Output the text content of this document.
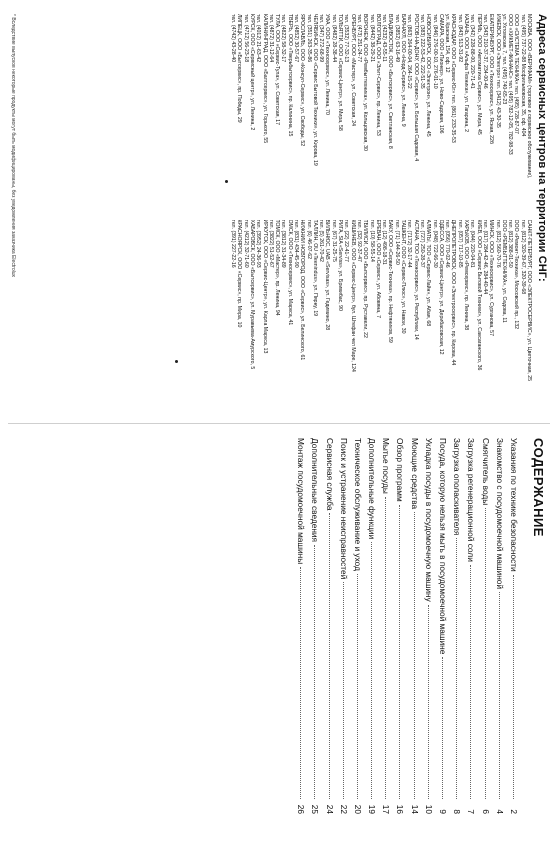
Адреса сервисных центров на территории СНГ:
МОСКВА, ООО «ВЕРИФАМ» (торговое и сервисное обслуживание),
тел. (495) 737-22-88 Мосфильмовская, 35, оф. 404
ООО «СИСТЕМА ТЕХНИКА» тел. (495) 728-87-07
ООО «ХИКМЕТ-ФИНАНС» тел. (495) 782-12-05, 782-98-33
ул. Ухтомская, 7, тел. (495) 740-65-23
ИЖЕВСК, ООО «Электро» тел. (3412) 43-30-35
ЕКАТЕРИНБУРГ, ООО «Техносервис», ул. Ясная, 22б
тел. (343) 210-37-37, 234-00-46
ПЕРМЬ, ООО «Автоматика Сервис», ул. Мира, 45
тел. (342) 228-88-00, 220-71-41
КАЗАНЬ, ООО «Альфа Техника», ул. Гагарина, 2
тел. (843) 513-31-92
КРАСНОДАР, ООО «Сервис-Юг» тел. (861) 233-35-53
ул. Красная, 154, оф. 12
САМАРА, ООО «Пионер», ул. Ново-Садовая, 106
тел. (846) 276-00-10, 276-01-10
НОВОСИБИРСК, ООО «Электрон», ул. Ленина, 45
тел. (383) 222-53-42, 222-51-35
РОСТОВ-НА-ДОНУ, ООО «Сервис», ул. Большая Садовая, 4
тел. (863) 264-00-04, 264-15-22
БАРНАУЛ, ООО «Норд-Сервис», ул. Ленина, 9
тел. (3852) 63-16-49
ВЛАДИВОСТОК, ООО «Бытсервис», ул. Светланская, 8
тел. (4232) 43-55-11
ВОЛГОГРАД, ООО «Элит-Сервис», пр. Ленина, 53
тел. (8442) 38-29-21
ВОРОНЕЖ, ООО «Рембыттехника», ул. Кольцовская, 30
тел. (473) 251-24-77
ОРЕНБУРГ, ООО «Мастер», ул. Советская, 24
тел. (3532) 77-32-13
ТОЛЬЯТТИ, ООО «Сервис-Центр», ул. Мира, 58
тел. (8482) 28-38-44
УФА, ООО «Техносервис», ул. Ленина, 70
тел. (347) 272-68-99
ЧЕЛЯБИНСК, ООО «Сервис Бытовой Техники», ул. Кирова, 19
тел. (351) 263-35-86
ЯРОСЛАВЛЬ, ООО «Консул-Сервис», ул. Свободы, 52
тел. (4852) 30-57-67
ТВЕРЬ, ООО «Тверьбытсервис», пр. Калинина, 15
тел. (4822) 58-32-17
ТУЛА, ООО «Сервис-Тула», ул. Советская, 17
тел. (4872) 31-12-64
КАЛИНИНГРАД, ООО «Балтсервис», ул. Горького, 55
тел. (4012) 21-63-42
КУРСК, ООО «Сервисный центр», ул. Ленина, 2
тел. (4712) 56-23-18
ЛИПЕЦК, ООО «Бытсервис», пр. Победы, 29
тел. (4742) 43-28-40
САНКТ-ПЕТЕРБУРГ, ООО «ЭЛЕКТРОСЕРВИС», ул. Цветочная, 25
тел. (812) 320-39-67, 320-39-68
ООО «Ремонт-Техника», Московский пр., 132
тел. (812) 388-01-50
ООО «РЕМБЫТТЕХНИКА», ул. Седова, 11
тел. (812) 560-70-76
МИНСК, ООО «Техносервис», ул. Сурганова, 57
тел. (017) 284-42-46, 284-40-44
КИЕВ, ООО «Сервис Бытовой Техники», ул. Саксаганского, 36
тел. (044) 220-04-81
ХАРЬКОВ, ООО «Ремсервис», пр. Ленина, 38
тел. (057) 717-10-85
ДНЕПРОПЕТРОВСК, ООО «Электросервис», пр. Кирова, 44
тел. (056) 770-02-46
ОДЕССА, ООО «Сервис-Центр», ул. Дерибасовская, 12
тел. (048) 722-66-30
АЛМАТЫ, ТОО «Сервис-Лайн», ул. Абая, 68
тел. (727) 250-28-37
АСТАНА, ТОО «Техносервис», ул. Республики, 14
тел. (7172) 32-17-44
ТАШКЕНТ, ООО «Сервис-Плюс», ул. Навои, 30
тел. (71) 144-26-50
БАКУ, ООО «Сервис-Техника», пр. Нефтяников, 59
тел. (12) 498-18-31
ЕРЕВАН, ООО «Сервис», ул. Абовяна, 7
тел. (10) 58-55-14
ТБИЛИСИ, ООО «Бытсервис», пр. Руставели, 22
тел. (32) 92-37-47
КИШИНЕВ, ООО «Сервис-Центр», бул. Штефан чел Маре, 124
тел. (22) 22-41-77
РИГА, SIA «Serviss», ул. Бривибас, 90
тел. (67) 31-25-75
ВИЛЬНЮС, UAB «Servisas», ул. Гедимино, 28
тел. (5) 261-70-42
ТАЛЛИН, OU «Teenindus», ул. Пярну, 19
тел. (6) 46-07-62
НИЖНИЙ НОВГОРОД, ООО «Сервис», ул. Белинского, 61
тел. (831) 434-45-90
ОМСК, ООО «Техносервис», ул. Маркса, 41
тел. (3812) 31-34-89
ТОМСК, ООО «Мастер», пр. Ленина, 94
тел. (3822) 51-52-67
ИРКУТСК, ООО «Сервис-Центр», ул. Карла Маркса, 13
тел. (3952) 24-36-93
ХАБАРОВСК, ООО «Бытсервис», ул. Муравьева-Амурского, 5
тел. (4212) 32-71-60
КРАСНОЯРСК, ООО «Сервис», пр. Мира, 10
тел. (391) 227-22-16
* Вследствие выпусков некоторые продукты могут быть модифицированы, без уведомления заказчика Electrolux
СОДЕРЖАНИЕ
Указания по технике безопасности
2
Знакомство с посудомоечной машиной
4
Смягчитель воды
6
Загрузка регенерационной соли
7
Загрузка ополаскивателя
8
Посуда, которую нельзя мыть в посудомоечной машине
9
Укладка посуды в посудомоечную машину
10
Моющие средства
14
Обзор программ
16
Мытье посуды
17
Дополнительные функции
19
Техническое обслуживание и уход
20
Поиск и устранение неисправностей
22
Сервисная служба
24
Дополнительные сведения
25
Монтаж посудомоечной машины
26
